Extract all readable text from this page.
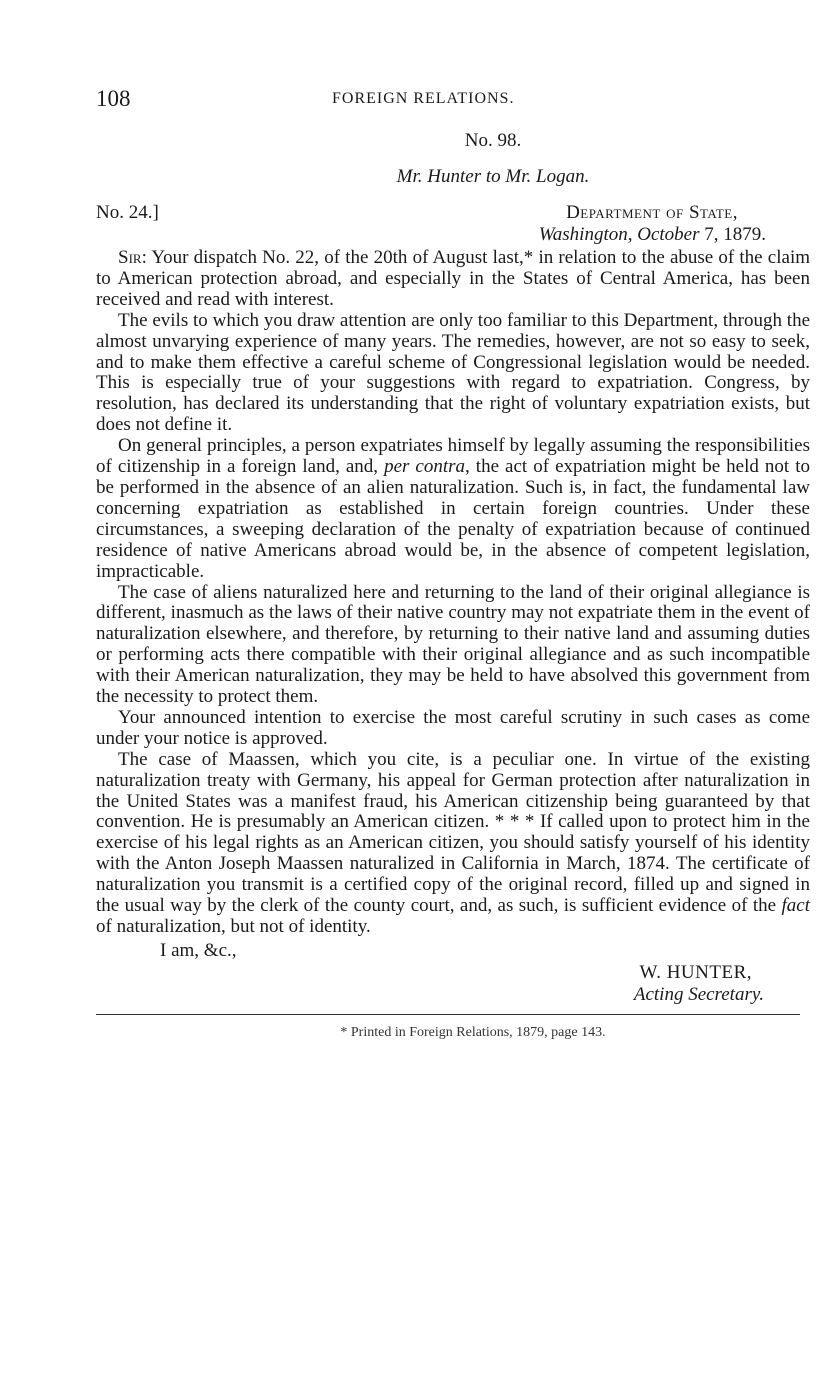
108	FOREIGN RELATIONS.
No. 98.
Mr. Hunter to Mr. Logan.
No. 24.]	Department of State,
Washington, October 7, 1879.

Sir: Your dispatch No. 22, of the 20th of August last,* in relation to the abuse of the claim to American protection abroad, and especially in the States of Central America, has been received and read with interest.

The evils to which you draw attention are only too familiar to this Department, through the almost unvarying experience of many years. The remedies, however, are not so easy to seek, and to make them effective a careful scheme of Congressional legislation would be needed. This is especially true of your suggestions with regard to expatriation. Congress, by resolution, has declared its understanding that the right of voluntary expatriation exists, but does not define it.

On general principles, a person expatriates himself by legally assuming the responsibilities of citizenship in a foreign land, and, per contra, the act of expatriation might be held not to be performed in the absence of an alien naturalization. Such is, in fact, the fundamental law concerning expatriation as established in certain foreign countries. Under these circumstances, a sweeping declaration of the penalty of expatriation because of continued residence of native Americans abroad would be, in the absence of competent legislation, impracticable.

The case of aliens naturalized here and returning to the land of their original allegiance is different, inasmuch as the laws of their native country may not expatriate them in the event of naturalization elsewhere, and therefore, by returning to their native land and assuming duties or performing acts there compatible with their original allegiance and as such incompatible with their American naturalization, they may be held to have absolved this government from the necessity to protect them.

Your announced intention to exercise the most careful scrutiny in such cases as come under your notice is approved.

The case of Maassen, which you cite, is a peculiar one. In virtue of the existing naturalization treaty with Germany, his appeal for German protection after naturalization in the United States was a manifest fraud, his American citizenship being guaranteed by that convention. He is presumably an American citizen. * * * If called upon to protect him in the exercise of his legal rights as an American citizen, you should satisfy yourself of his identity with the Anton Joseph Maassen naturalized in California in March, 1874. The certificate of naturalization you transmit is a certified copy of the original record, filled up and signed in the usual way by the clerk of the county court, and, as such, is sufficient evidence of the fact of naturalization, but not of identity.

I am, &c.,
W. HUNTER,
Acting Secretary.
* Printed in Foreign Relations, 1879, page 143.
